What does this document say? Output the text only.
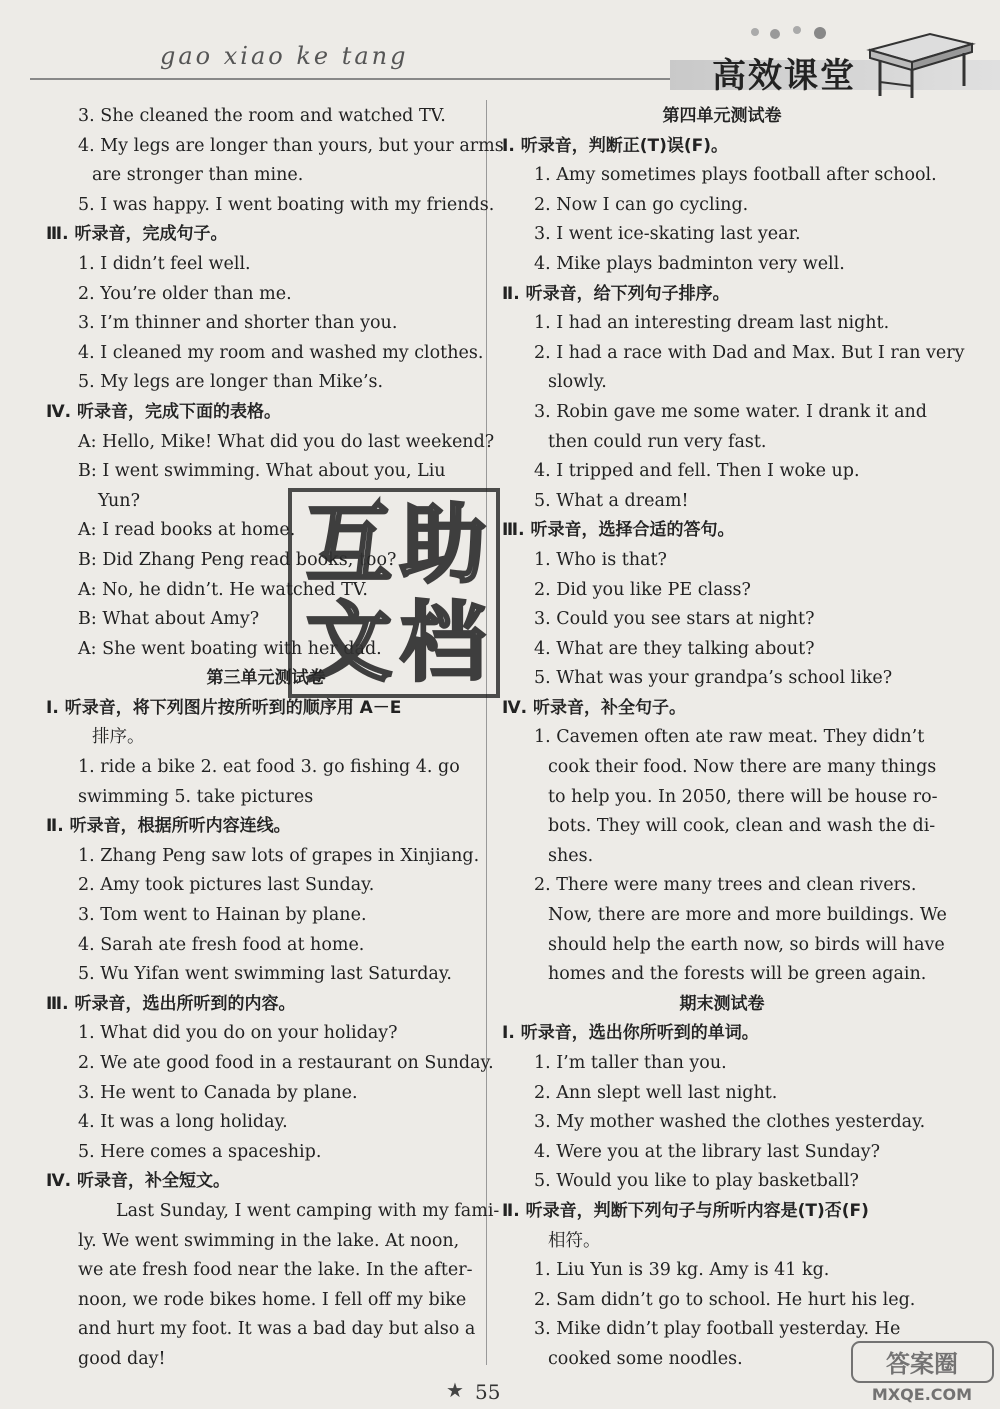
gao xiao ke tang	高效课堂
3. She cleaned the room and watched TV.
4. My legs are longer than yours, but your arms
are stronger than mine.
5. I was happy. I went boating with my friends.
Ⅲ. 听录音，完成句子。
1. I didn’t feel well.
2. You’re older than me.
3. I’m thinner and shorter than you.
4. I cleaned my room and washed my clothes.
5. My legs are longer than Mike’s.
Ⅳ. 听录音，完成下面的表格。
A: Hello, Mike! What did you do last weekend?
B: I went swimming. What about you, Liu
Yun?
A: I read books at home.
B: Did Zhang Peng read books, too?
A: No, he didn’t. He watched TV.
B: What about Amy?
A: She went boating with her dad.
第三单元测试卷
Ⅰ. 听录音，将下列图片按所听到的顺序用 A－E
排序。
1. ride a bike 2. eat food 3. go fishing 4. go
swimming 5. take pictures
Ⅱ. 听录音，根据所听内容连线。
1. Zhang Peng saw lots of grapes in Xinjiang.
2. Amy took pictures last Sunday.
3. Tom went to Hainan by plane.
4. Sarah ate fresh food at home.
5. Wu Yifan went swimming last Saturday.
Ⅲ. 听录音，选出所听到的内容。
1. What did you do on your holiday?
2. We ate good food in a restaurant on Sunday.
3. He went to Canada by plane.
4. It was a long holiday.
5. Here comes a spaceship.
Ⅳ. 听录音，补全短文。
Last Sunday, I went camping with my fami-
ly. We went swimming in the lake. At noon,
we ate fresh food near the lake. In the after-
noon, we rode bikes home. I fell off my bike
and hurt my foot. It was a bad day but also a
good day!
第四单元测试卷
Ⅰ. 听录音，判断正(T)误(F)。
1. Amy sometimes plays football after school.
2. Now I can go cycling.
3. I went ice-skating last year.
4. Mike plays badminton very well.
Ⅱ. 听录音，给下列句子排序。
1. I had an interesting dream last night.
2. I had a race with Dad and Max. But I ran very
slowly.
3. Robin gave me some water. I drank it and
then could run very fast.
4. I tripped and fell. Then I woke up.
5. What a dream!
Ⅲ. 听录音，选择合适的答句。
1. Who is that?
2. Did you like PE class?
3. Could you see stars at night?
4. What are they talking about?
5. What was your grandpa’s school like?
Ⅳ. 听录音，补全句子。
1. Cavemen often ate raw meat. They didn’t
cook their food. Now there are many things
to help you. In 2050, there will be house ro-
bots. They will cook, clean and wash the di-
shes.
2. There were many trees and clean rivers.
Now, there are more and more buildings. We
should help the earth now, so birds will have
homes and the forests will be green again.
期末测试卷
Ⅰ. 听录音，选出你所听到的单词。
1. I’m taller than you.
2. Ann slept well last night.
3. My mother washed the clothes yesterday.
4. Were you at the library last Sunday?
5. Would you like to play basketball?
Ⅱ. 听录音，判断下列句子与所听内容是(T)否(F)
相符。
1. Liu Yun is 39 kg. Amy is 41 kg.
2. Sam didn’t go to school. He hurt his leg.
3. Mike didn’t play football yesterday. He
cooked some noodles.
互 助
文 档
★ 55
答案圈
MXQE.COM
